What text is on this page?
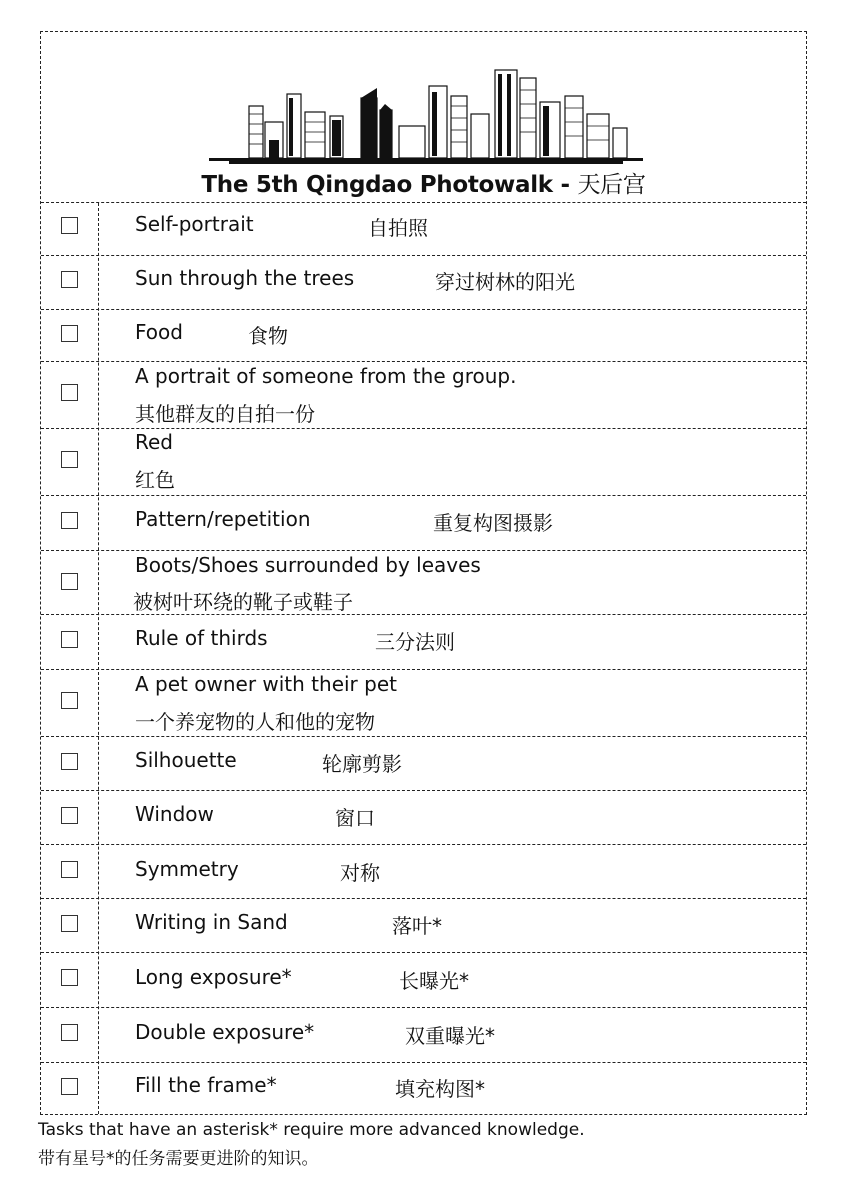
The 5th Qingdao Photowalk - 天后宫
Self-portrait	自拍照
Sun through the trees	穿过树林的阳光
Food	食物
A portrait of someone from the group.
其他群友的自拍一份
Red
红色
Pattern/repetition	重复构图摄影
Boots/Shoes surrounded by leaves
被树叶环绕的靴子或鞋子
Rule of thirds	三分法则
A pet owner with their pet
一个养宠物的人和他的宠物
Silhouette	轮廓剪影
Window	窗口
Symmetry	对称
Writing in Sand	落叶*
Long exposure*	长曝光*
Double exposure*	双重曝光*
Fill the frame*	填充构图*
Tasks that have an asterisk* require more advanced knowledge.
带有星号*的任务需要更进阶的知识。
